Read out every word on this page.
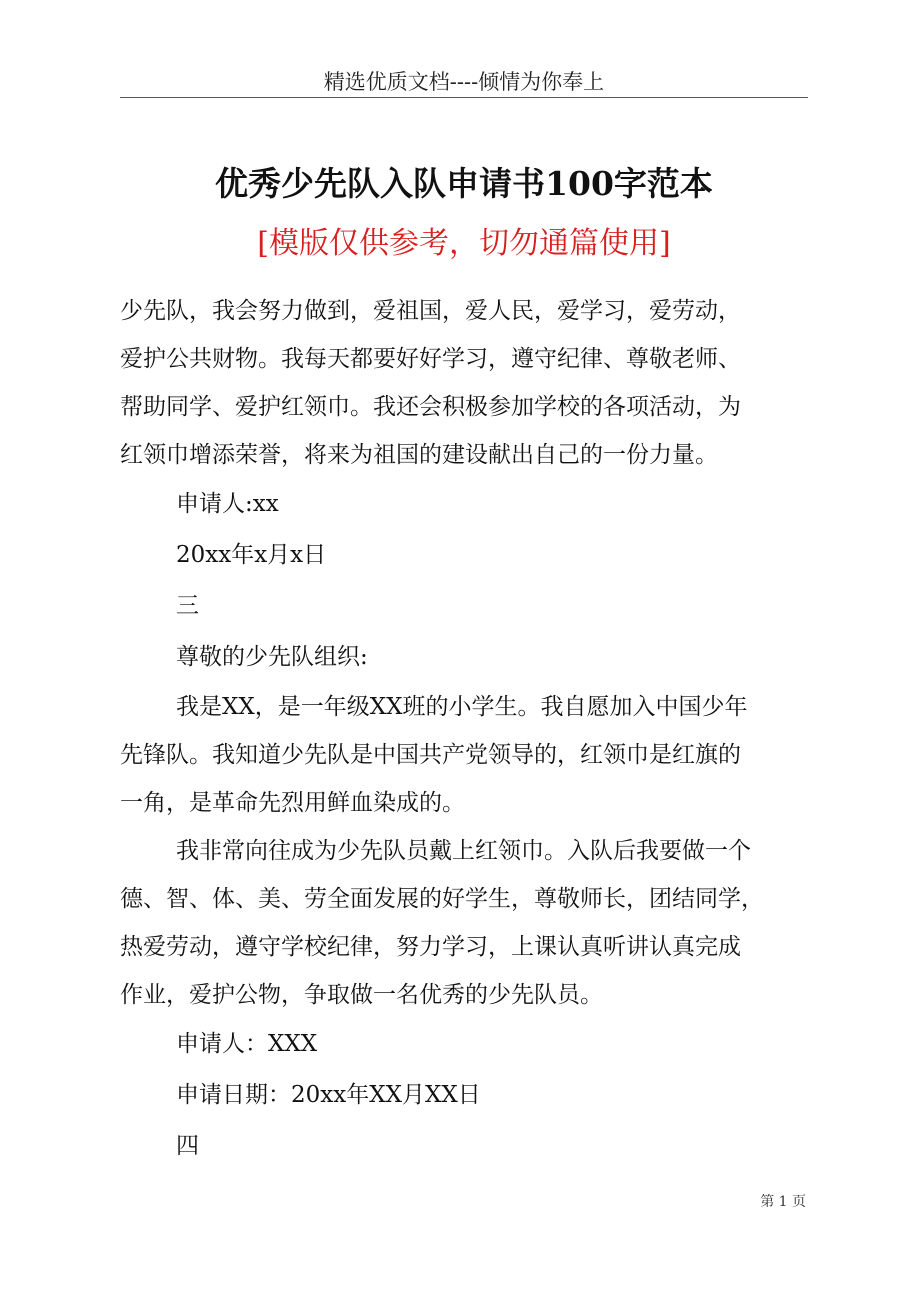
精选优质文档----倾情为你奉上
优秀少先队入队申请书100字范本
[模版仅供参考，切勿通篇使用]
少先队，我会努力做到，爱祖国，爱人民，爱学习，爱劳动，
爱护公共财物。我每天都要好好学习，遵守纪律、尊敬老师、
帮助同学、爱护红领巾。我还会积极参加学校的各项活动，为
红领巾增添荣誉，将来为祖国的建设献出自己的一份力量。
申请人:xx
20xx年x月x日
三
尊敬的少先队组织:
我是XX，是一年级XX班的小学生。我自愿加入中国少年
先锋队。我知道少先队是中国共产党领导的，红领巾是红旗的
一角，是革命先烈用鲜血染成的。
我非常向往成为少先队员戴上红领巾。入队后我要做一个
德、智、体、美、劳全面发展的好学生，尊敬师长，团结同学，
热爱劳动，遵守学校纪律，努力学习，上课认真听讲认真完成
作业，爱护公物，争取做一名优秀的少先队员。
申请人：XXX
申请日期：20xx年XX月XX日
四
第 1 页
